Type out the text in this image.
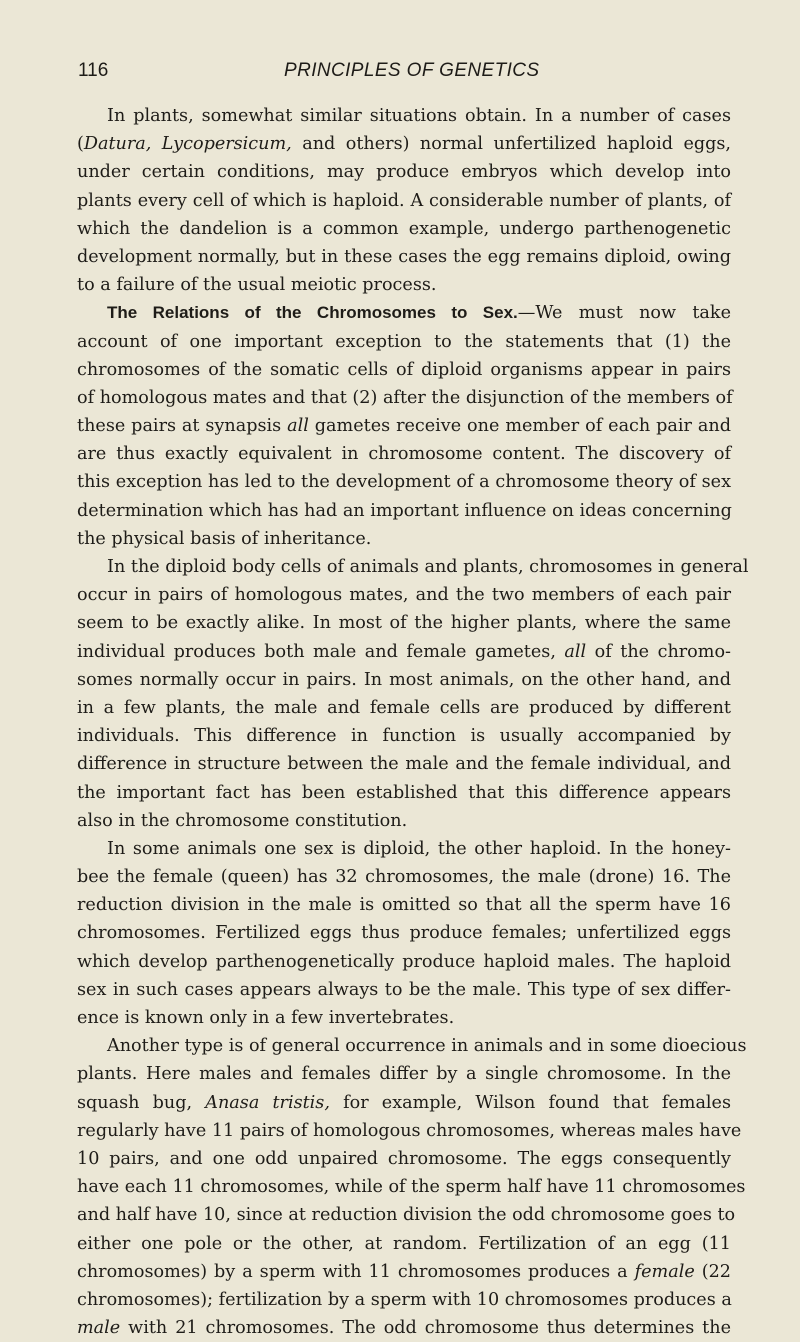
116	PRINCIPLES OF GENETICS
In plants, somewhat similar situations obtain. In a number of cases
(Datura, Lycopersicum, and others) normal unfertilized haploid eggs,
under certain conditions, may produce embryos which develop into
plants every cell of which is haploid. A considerable number of plants, of
which the dandelion is a common example, undergo parthenogenetic
development normally, but in these cases the egg remains diploid, owing
to a failure of the usual meiotic process.
The Relations of the Chromosomes to Sex.—We must now take
account of one important exception to the statements that (1) the
chromosomes of the somatic cells of diploid organisms appear in pairs
of homologous mates and that (2) after the disjunction of the members of
these pairs at synapsis all gametes receive one member of each pair and
are thus exactly equivalent in chromosome content. The discovery of
this exception has led to the development of a chromosome theory of sex
determination which has had an important influence on ideas concerning
the physical basis of inheritance.
In the diploid body cells of animals and plants, chromosomes in general
occur in pairs of homologous mates, and the two members of each pair
seem to be exactly alike. In most of the higher plants, where the same
individual produces both male and female gametes, all of the chromo-
somes normally occur in pairs. In most animals, on the other hand, and
in a few plants, the male and female cells are produced by different
individuals. This difference in function is usually accompanied by
difference in structure between the male and the female individual, and
the important fact has been established that this difference appears
also in the chromosome constitution.
In some animals one sex is diploid, the other haploid. In the honey-
bee the female (queen) has 32 chromosomes, the male (drone) 16. The
reduction division in the male is omitted so that all the sperm have 16
chromosomes. Fertilized eggs thus produce females; unfertilized eggs
which develop parthenogenetically produce haploid males. The haploid
sex in such cases appears always to be the male. This type of sex differ-
ence is known only in a few invertebrates.
Another type is of general occurrence in animals and in some dioecious
plants. Here males and females differ by a single chromosome. In the
squash bug, Anasa tristis, for example, Wilson found that females
regularly have 11 pairs of homologous chromosomes, whereas males have
10 pairs, and one odd unpaired chromosome. The eggs consequently
have each 11 chromosomes, while of the sperm half have 11 chromosomes
and half have 10, since at reduction division the odd chromosome goes to
either one pole or the other, at random. Fertilization of an egg (11
chromosomes) by a sperm with 11 chromosomes produces a female (22
chromosomes); fertilization by a sperm with 10 chromosomes produces a
male with 21 chromosomes. The odd chromosome thus determines the
